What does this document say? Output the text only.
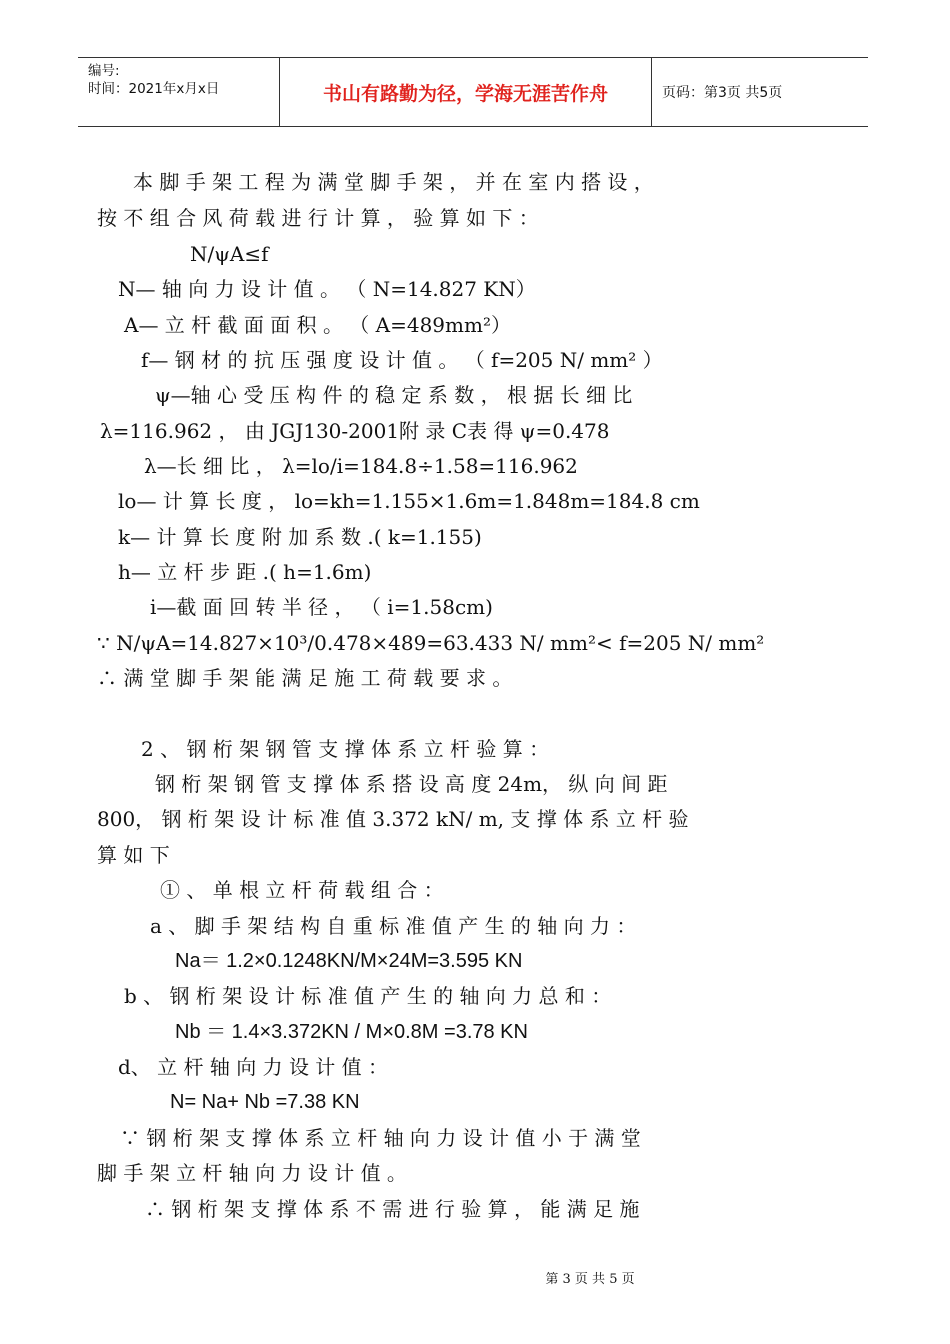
编号:
时间：2021年x月x日	书山有路勤为径，学海无涯苦作舟	页码：第3页 共5页
本 脚 手 架 工 程 为 满 堂 脚 手 架 ， 并 在 室 内 搭 设 ，
按 不 组 合 风 荷 载 进 行 计 算 ， 验 算 如 下 ：
N/ψA≤f
N— 轴 向 力 设 计 值 。 （ N=14.827 KN）
A— 立 杆 截 面 面 积 。 （ A=489mm²）
f— 钢 材 的 抗 压 强 度 设 计 值 。 （ f=205 N/ mm² ）
ψ—轴 心 受 压 构 件 的 稳 定 系 数 ， 根 据 长 细 比
λ=116.962 ， 由 JGJ130-2001附 录 C表 得 ψ=0.478
λ—长 细 比 ， λ=lo/i=184.8÷1.58=116.962
lo— 计 算 长 度 ， lo=kh=1.155×1.6m=1.848m=184.8 cm
k— 计 算 长 度 附 加 系 数 .( k=1.155)
h— 立 杆 步 距 .( h=1.6m)
i—截 面 回 转 半 径 ， （ i=1.58cm)
∵ N/ψA=14.827×10³/0.478×489=63.433 N/ mm²< f=205 N/ mm²
∴ 满 堂 脚 手 架 能 满 足 施 工 荷 载 要 求 。
2 、 钢 桁 架 钢 管 支 撑 体 系 立 杆 验 算 ：
钢 桁 架 钢 管 支 撑 体 系 搭 设 高 度 24m， 纵 向 间 距
800， 钢 桁 架 设 计 标 准 值 3.372 kN/ m, 支 撑 体 系 立 杆 验
算 如 下
① 、 单 根 立 杆 荷 载 组 合 ：
a 、 脚 手 架 结 构 自 重 标 准 值 产 生 的 轴 向 力 ：
Na＝ 1.2×0.1248KN/M×24M=3.595 KN
b 、 钢 桁 架 设 计 标 准 值 产 生 的 轴 向 力 总 和 ：
Nb ＝ 1.4×3.372KN / M×0.8M =3.78 KN
d、 立 杆 轴 向 力 设 计 值 ：
N= Na+ Nb =7.38 KN
∵ 钢 桁 架 支 撑 体 系 立 杆 轴 向 力 设 计 值 小 于 满 堂
脚 手 架 立 杆 轴 向 力 设 计 值 。
∴ 钢 桁 架 支 撑 体 系 不 需 进 行 验 算 ， 能 满 足 施
第 3 页 共 5 页
